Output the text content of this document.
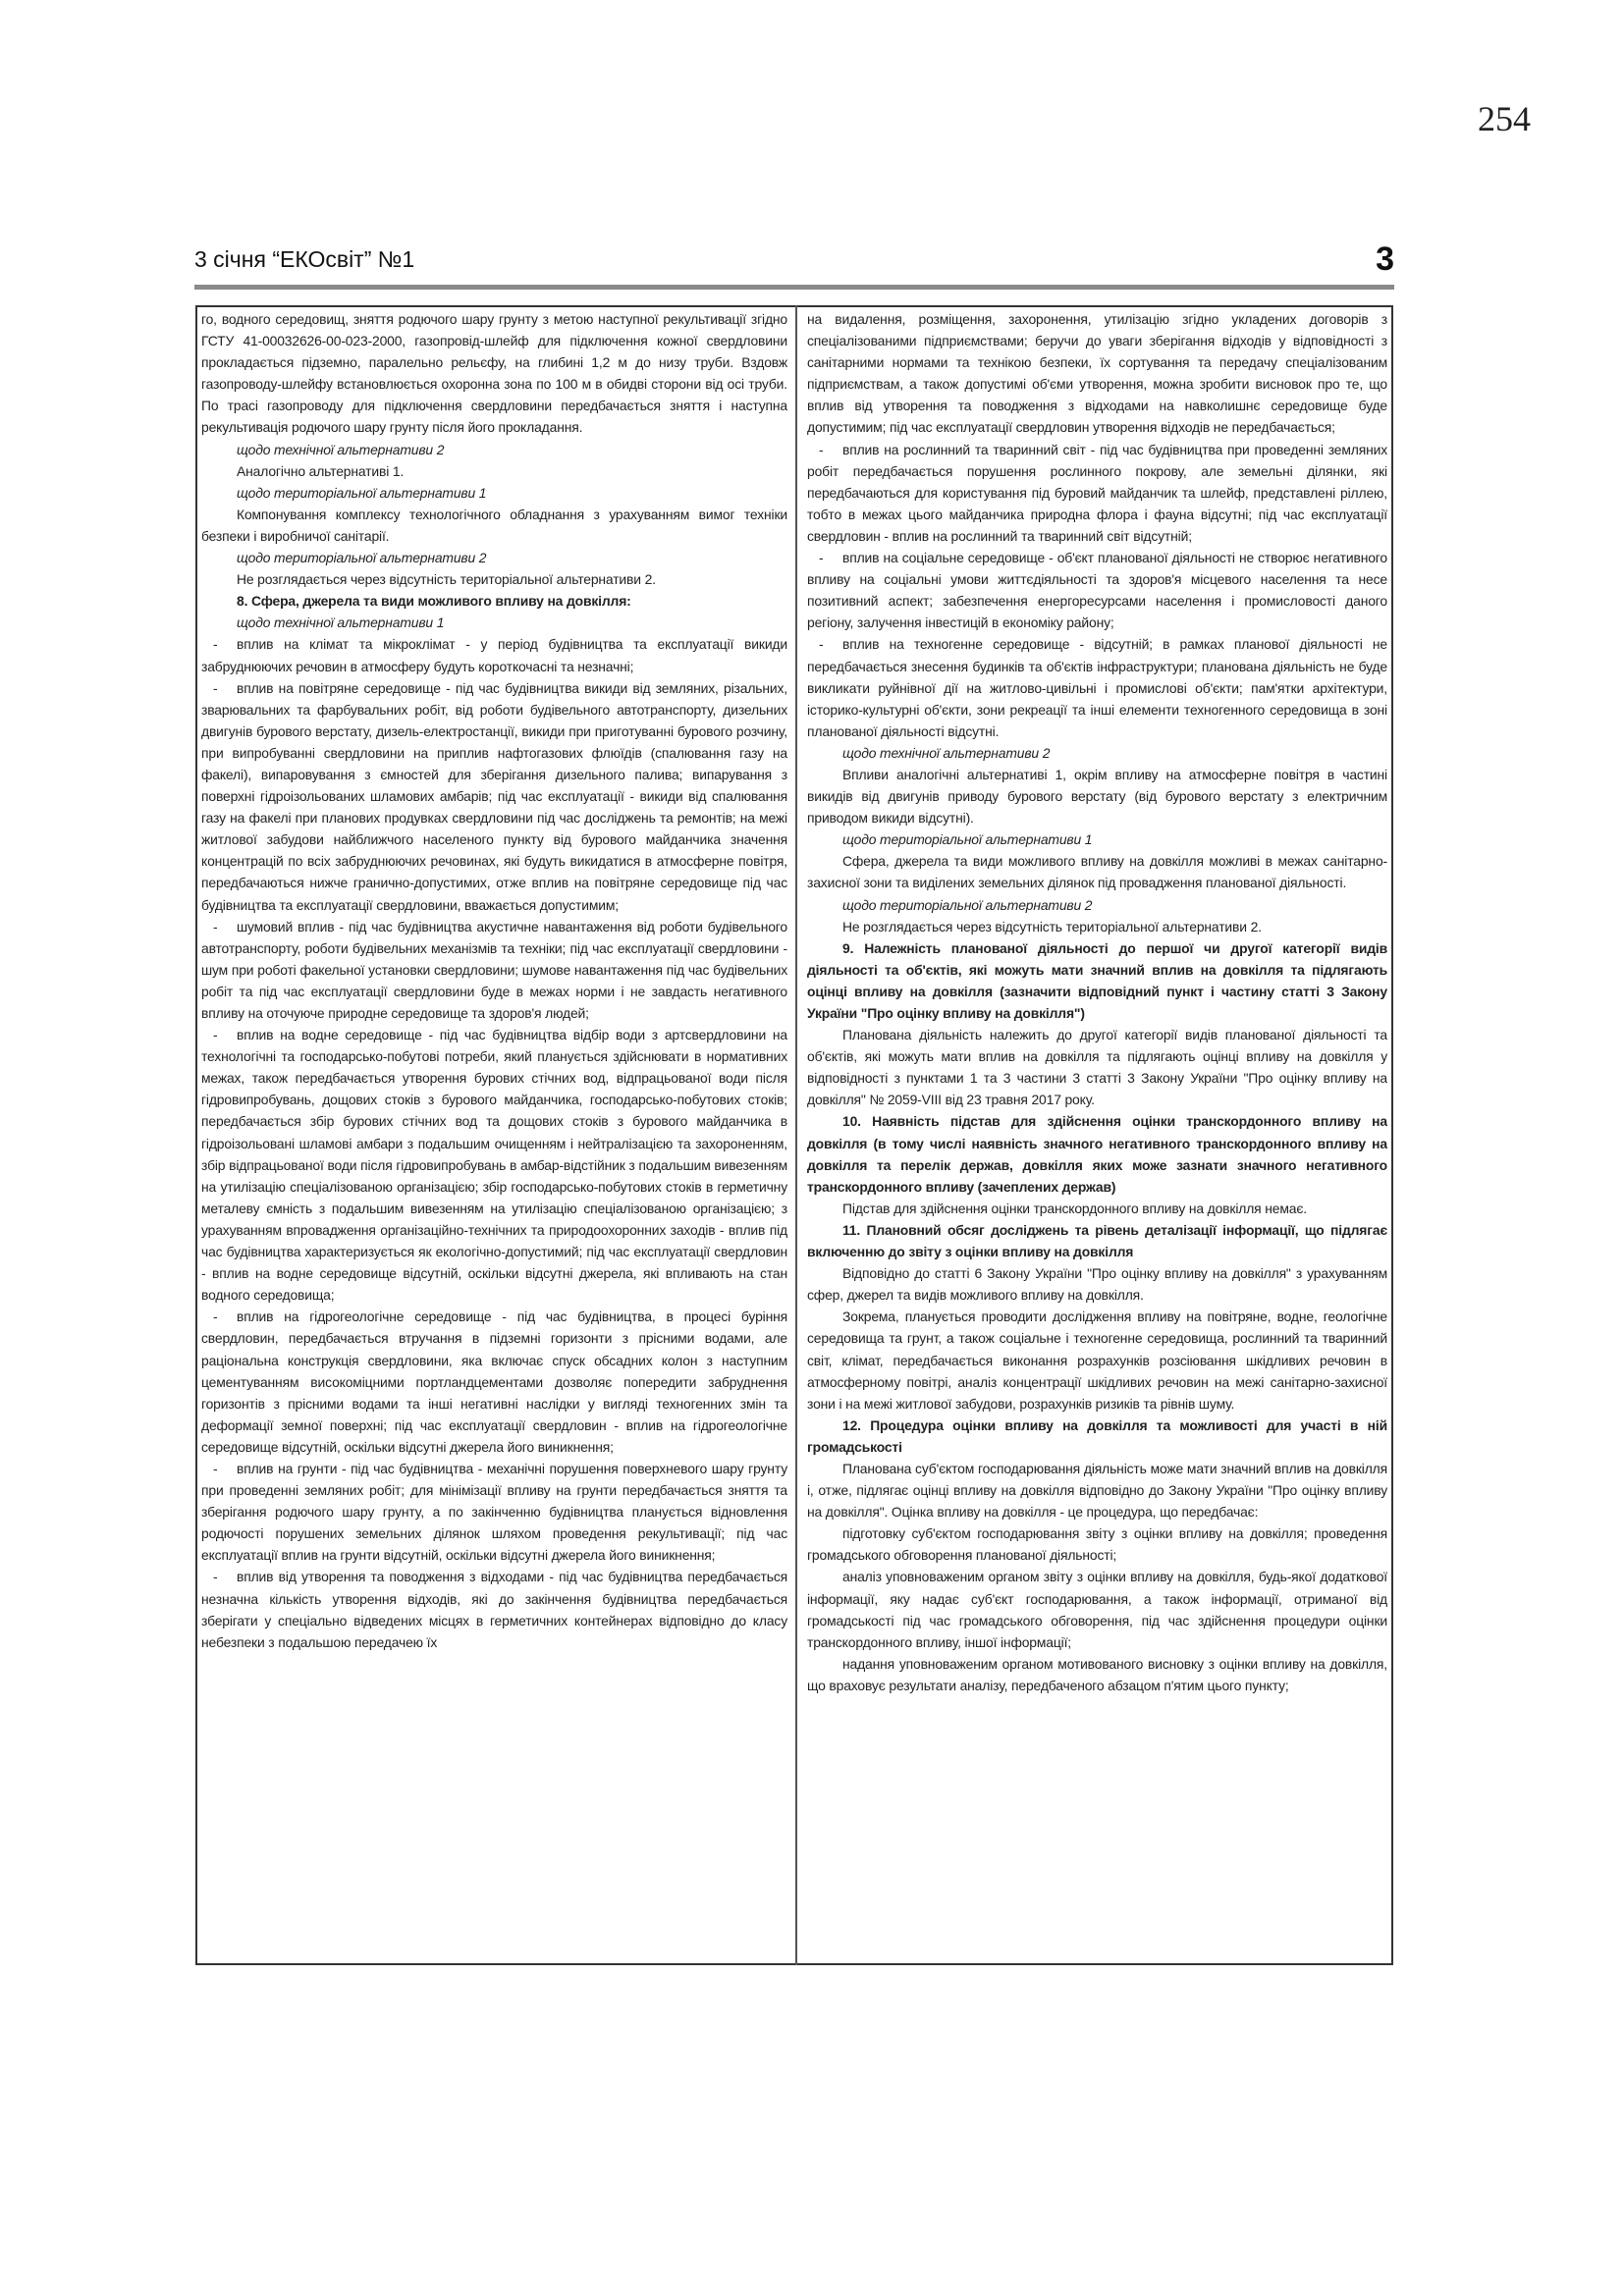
254
3 січня “ЕКОсвіт” №1	3

го, водного середовищ, зняття родючого шару грунту з метою наступної рекультивації згідно ГСТУ 41-00032626-00-023-2000, газопровід-шлейф для підключення кожної свердловини прокладається підземно, паралельно рельєфу, на глибині 1,2 м до низу труби. Вздовж газопроводу-шлейфу встановлюється охоронна зона по 100 м в обидві сторони від осі труби. По трасі газопроводу для підключення свердловини передбачається зняття і наступна рекультивація родючого шару грунту після його прокладання.

щодо технічної альтернативи 2

Аналогічно альтернативі 1.

щодо територіальної альтернативи 1

Компонування комплексу технологічного обладнання з урахуванням вимог техніки безпеки і виробничої санітарії.

щодо територіальної альтернативи 2

Не розглядається через відсутність територіальної альтернативи 2.

8. Сфера, джерела та види можливого впливу на довкілля:

щодо технічної альтернативи 1

- вплив на клімат та мікроклімат - у період будівництва та експлуатації викиди забруднюючих речовин в атмосферу будуть короткочасні та незначні;

- вплив на повітряне середовище - під час будівництва викиди від земляних, різальних, зварювальних та фарбувальних робіт, від роботи будівельного автотранспорту, дизельних двигунів бурового верстату, дизель-електростанції, викиди при приготуванні бурового розчину, при випробуванні свердловини на приплив нафтогазових флюїдів (спалювання газу на факелі), випаровування з ємностей для зберігання дизельного палива; випарування з поверхні гідроізольованих шламових амбарів; під час експлуатації - викиди від спалювання газу на факелі при планових продувках свердловини під час досліджень та ремонтів; на межі житлової забудови найближчого населеного пункту від бурового майданчика значення концентрацій по всіх забруднюючих речовинах, які будуть викидатися в атмосферне повітря, передбачаються нижче гранично-допустимих, отже вплив на повітряне середовище під час будівництва та експлуатації свердловини, вважається допустимим;

- шумовий вплив - під час будівництва акустичне навантаження від роботи будівельного автотранспорту, роботи будівельних механізмів та техніки; під час експлуатації свердловини - шум при роботі факельної установки свердловини; шумове навантаження під час будівельних робіт та під час експлуатації свердловини буде в межах норми і не завдасть негативного впливу на оточуюче природне середовище та здоров'я людей;

- вплив на водне середовище - під час будівництва відбір води з артсвердловини на технологічні та господарсько-побутові потреби, який планується здійснювати в нормативних межах, також передбачається утворення бурових стічних вод, відпрацьованої води після гідровипробувань, дощових стоків з бурового майданчика, господарсько-побутових стоків; передбачається збір бурових стічних вод та дощових стоків з бурового майданчика в гідроізольовані шламові амбари з подальшим очищенням і нейтралізацією та захороненням, збір відпрацьованої води після гідровипробувань в амбар-відстійник з подальшим вивезенням на утилізацію спеціалізованою організацією; збір господарсько-побутових стоків в герметичну металеву ємність з подальшим вивезенням на утилізацію спеціалізованою організацією; з урахуванням впровадження організаційно-технічних та природоохоронних заходів - вплив під час будівництва характеризується як екологічно-допустимий; під час експлуатації свердловин - вплив на водне середовище відсутній, оскільки відсутні джерела, які впливають на стан водного середовища;

- вплив на гідрогеологічне середовище - під час будівництва, в процесі буріння свердловин, передбачається втручання в підземні горизонти з прісними водами, але раціональна конструкція свердловини, яка включає спуск обсадних колон з наступним цементуванням високоміцними портландцементами дозволяє попередити забруднення горизонтів з прісними водами та інші негативні наслідки у вигляді техногенних змін та деформації земної поверхні; під час експлуатації свердловин - вплив на гідрогеологічне середовище відсутній, оскільки відсутні джерела його виникнення;

- вплив на грунти - під час будівництва - механічні порушення поверхневого шару грунту при проведенні земляних робіт; для мінімізації впливу на грунти передбачається зняття та зберігання родючого шару грунту, а по закінченню будівництва планується відновлення родючості порушених земельних ділянок шляхом проведення рекультивації; під час експлуатації вплив на грунти відсутній, оскільки відсутні джерела його виникнення;

- вплив від утворення та поводження з відходами - під час будівництва передбачається незначна кількість утворення відходів, які до закінчення будівництва передбачається зберігати у спеціально відведених місцях в герметичних контейнерах відповідно до класу небезпеки з подальшою передачею їх

на видалення, розміщення, захоронення, утилізацію згідно укладених договорів з спеціалізованими підприємствами; беручи до уваги зберігання відходів у відповідності з санітарними нормами та технікою безпеки, їх сортування та передачу спеціалізованим підприємствам, а також допустимі об'єми утворення, можна зробити висновок про те, що вплив від утворення та поводження з відходами на навколишнє середовище буде допустимим; під час експлуатації свердловин утворення відходів не передбачається;

- вплив на рослинний та тваринний світ - під час будівництва при проведенні земляних робіт передбачається порушення рослинного покрову, але земельні ділянки, які передбачаються для користування під буровий майданчик та шлейф, представлені ріллею, тобто в межах цього майданчика природна флора і фауна відсутні; під час експлуатації свердловин - вплив на рослинний та тваринний світ відсутній;

- вплив на соціальне середовище - об'єкт планованої діяльності не створює негативного впливу на соціальні умови життєдіяльності та здоров'я місцевого населення та несе позитивний аспект; забезпечення енергоресурсами населення і промисловості даного регіону, залучення інвестицій в економіку району;

- вплив на техногенне середовище - відсутній; в рамках планової діяльності не передбачається знесення будинків та об'єктів інфраструктури; планована діяльність не буде викликати руйнівної дії на житлово-цивільні і промислові об'єкти; пам'ятки архітектури, історико-культурні об'єкти, зони рекреації та інші елементи техногенного середовища в зоні планованої діяльності відсутні.

щодо технічної альтернативи 2

Впливи аналогічні альтернативі 1, окрім впливу на атмосферне повітря в частині викидів від двигунів приводу бурового верстату (від бурового верстату з електричним приводом викиди відсутні).

щодо територіальної альтернативи 1

Сфера, джерела та види можливого впливу на довкілля можливі в межах санітарно-захисної зони та виділених земельних ділянок під провадження планованої діяльності.

щодо територіальної альтернативи 2

Не розглядається через відсутність територіальної альтернативи 2.

9. Належність планованої діяльності до першої чи другої категорії видів діяльності та об'єктів, які можуть мати значний вплив на довкілля та підлягають оцінці впливу на довкілля (зазначити відповідний пункт і частину статті 3 Закону України "Про оцінку впливу на довкілля")

Планована діяльність належить до другої категорії видів планованої діяльності та об'єктів, які можуть мати вплив на довкілля та підлягають оцінці впливу на довкілля у відповідності з пунктами 1 та 3 частини 3 статті 3 Закону України "Про оцінку впливу на довкілля" № 2059-VIII від 23 травня 2017 року.

10. Наявність підстав для здійснення оцінки транскордонного впливу на довкілля (в тому числі наявність значного негативного транскордонного впливу на довкілля та перелік держав, довкілля яких може зазнати значного негативного транскордонного впливу (зачеплених держав)

Підстав для здійснення оцінки транскордонного впливу на довкілля немає.

11. Плановний обсяг досліджень та рівень деталізації інформації, що підлягає включенню до звіту з оцінки впливу на довкілля

Відповідно до статті 6 Закону України "Про оцінку впливу на довкілля" з урахуванням сфер, джерел та видів можливого впливу на довкілля.

Зокрема, планується проводити дослідження впливу на повітряне, водне, геологічне середовища та грунт, а також соціальне і техногенне середовища, рослинний та тваринний світ, клімат, передбачається виконання розрахунків розсіювання шкідливих речовин в атмосферному повітрі, аналіз концентрації шкідливих речовин на межі санітарно-захисної зони і на межі житлової забудови, розрахунків ризиків та рівнів шуму.

12. Процедура оцінки впливу на довкілля та можливості для участі в ній громадськості

Планована суб'єктом господарювання діяльність може мати значний вплив на довкілля і, отже, підлягає оцінці впливу на довкілля відповідно до Закону України "Про оцінку впливу на довкілля". Оцінка впливу на довкілля - це процедура, що передбачає:

підготовку суб'єктом господарювання звіту з оцінки впливу на довкілля; проведення громадського обговорення планованої діяльності;

аналіз уповноваженим органом звіту з оцінки впливу на довкілля, будь-якої додаткової інформації, яку надає суб'єкт господарювання, а також інформації, отриманої від громадськості під час громадського обговорення, під час здійснення процедури оцінки транскордонного впливу, іншої інформації;

надання уповноваженим органом мотивованого висновку з оцінки впливу на довкілля, що враховує результати аналізу, передбаченого абзацом п'ятим цього пункту;
